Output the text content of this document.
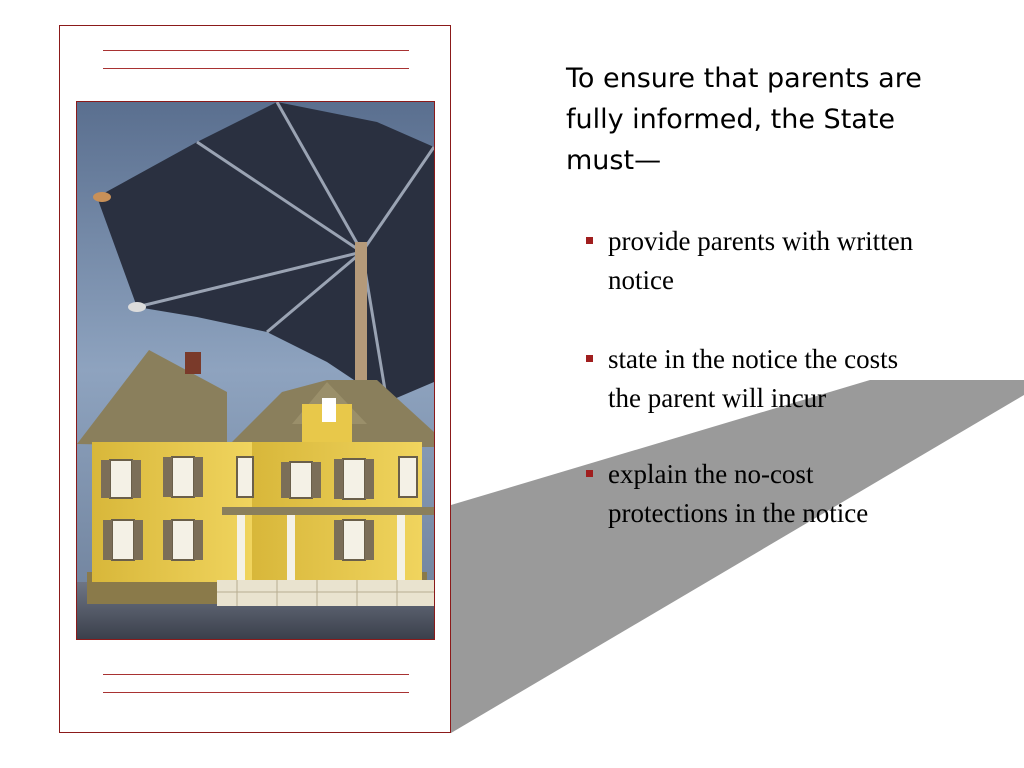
To ensure that parents are fully informed, the State must—
provide parents with written notice
state in the notice the costs the parent will incur
explain the no-cost protections in the notice
